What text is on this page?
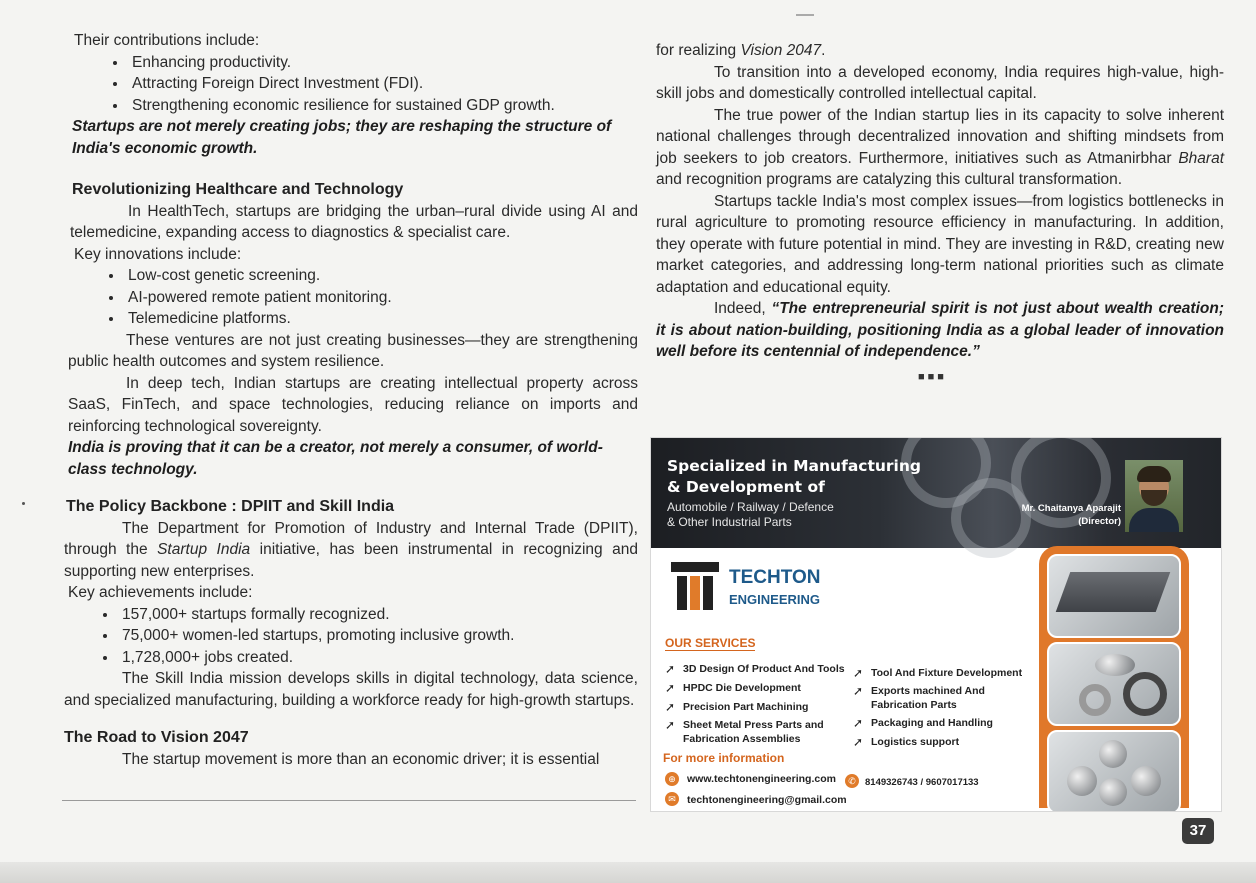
Their contributions include:

• Enhancing productivity.
• Attracting Foreign Direct Investment (FDI).
• Strengthening economic resilience for sustained GDP growth.

Startups are not merely creating jobs; they are reshaping the structure of India's economic growth.

Revolutionizing Healthcare and Technology

In HealthTech, startups are bridging the urban–rural divide using AI and telemedicine, expanding access to diagnostics & specialist care.

Key innovations include:

• Low-cost genetic screening.
• AI-powered remote patient monitoring.
• Telemedicine platforms.

These ventures are not just creating businesses—they are strengthening public health outcomes and system resilience.

In deep tech, Indian startups are creating intellectual property across SaaS, FinTech, and space technologies, reducing reliance on imports and reinforcing technological sovereignty.

India is proving that it can be a creator, not merely a consumer, of world-class technology.

The Policy Backbone : DPIIT and Skill India

The Department for Promotion of Industry and Internal Trade (DPIIT), through the Startup India initiative, has been instrumental in recognizing and supporting new enterprises.

Key achievements include:

• 157,000+ startups formally recognized.
• 75,000+ women-led startups, promoting inclusive growth.
• 1,728,000+ jobs created.

The Skill India mission develops skills in digital technology, data science, and specialized manufacturing, building a workforce ready for high-growth startups.

The Road to Vision 2047

The startup movement is more than an economic driver; it is essential

for realizing Vision 2047.

To transition into a developed economy, India requires high-value, high-skill jobs and domestically controlled intellectual capital.

The true power of the Indian startup lies in its capacity to solve inherent national challenges through decentralized innovation and shifting mindsets from job seekers to job creators. Furthermore, initiatives such as Atmanirbhar Bharat and recognition programs are catalyzing this cultural transformation.

Startups tackle India's most complex issues—from logistics bottlenecks in rural agriculture to promoting resource efficiency in manufacturing. In addition, they operate with future potential in mind. They are investing in R&D, creating new market categories, and addressing long-term national priorities such as climate adaptation and educational equity.

Indeed, “The entrepreneurial spirit is not just about wealth creation; it is about nation-building, positioning India as a global leader of innovation well before its centennial of independence.”

■■■
Specialized in Manufacturing
& Development of
Automobile / Railway / Defence
& Other Industrial Parts
Mr. Chaitanya Aparajit
(Director)
TECHTON
ENGINEERING
OUR SERVICES
➚ 3D Design Of Product And Tools
➚ HPDC Die Development
➚ Precision Part Machining
➚ Sheet Metal Press Parts and Fabrication Assemblies
➚ Tool And Fixture Development
➚ Exports machined And Fabrication Parts
➚ Packaging and Handling
➚ Logistics support
For more information
⊕	www.techtonengineering.com	✆ 8149326743 / 9607017133
✉	techtonengineering@gmail.com
37
